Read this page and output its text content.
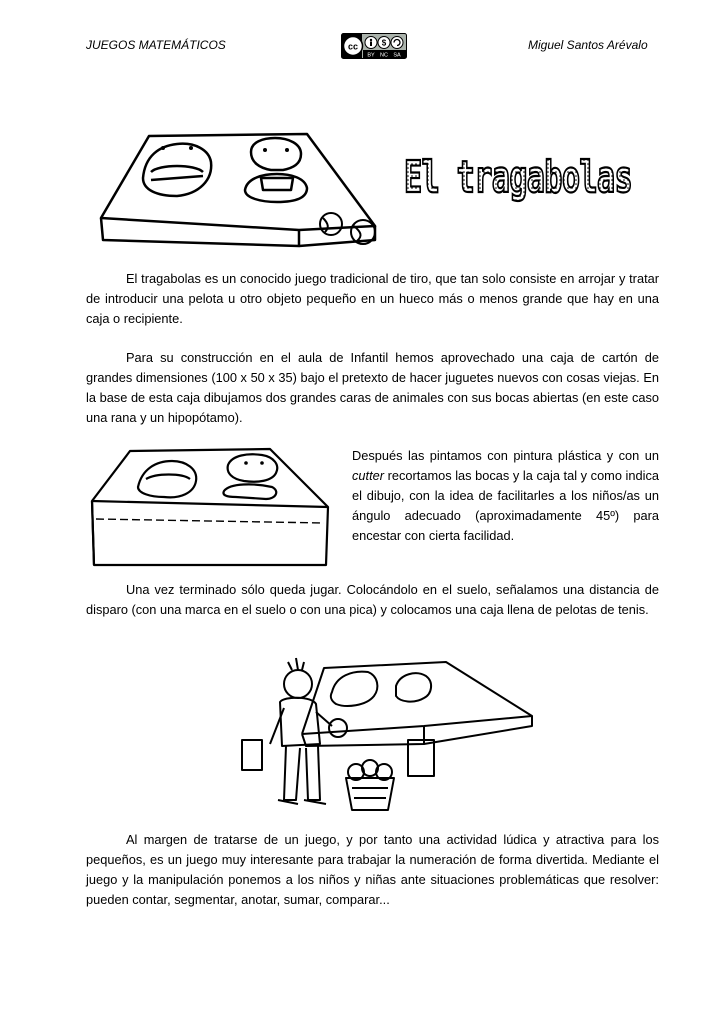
JUEGOS MATEMÁTICOS	cc	$
BY NC SA
Miguel Santos Arévalo
El tragabolas

El tragabolas es un conocido juego tradicional de tiro, que tan solo consiste en arrojar y tratar de introducir una pelota u otro objeto pequeño en un hueco más o menos grande que hay en una caja o recipiente.

Para su construcción en el aula de Infantil hemos aprovechado una caja de cartón de grandes dimensiones (100 x 50 x 35) bajo el pretexto de hacer juguetes nuevos con cosas viejas. En la base de esta caja dibujamos dos grandes caras de animales con sus bocas abiertas (en este caso una rana y un hipopótamo).

Después las pintamos con pintura plástica y con un cutter recortamos las bocas y la caja tal y como indica el dibujo, con la idea de facilitarles a los niños/as un ángulo adecuado (aproximadamente 45º) para encestar con cierta facilidad.

Una vez terminado sólo queda jugar. Colocándolo en el suelo, señalamos una distancia de disparo (con una marca en el suelo o con una pica) y colocamos una caja llena de pelotas de tenis.

Al margen de tratarse de un juego, y por tanto una actividad lúdica y atractiva para los pequeños, es un juego muy interesante para trabajar la numeración de forma divertida. Mediante el juego y la manipulación ponemos a los niños y niñas ante situaciones problemáticas que resolver: pueden contar, segmentar, anotar, sumar, comparar...
